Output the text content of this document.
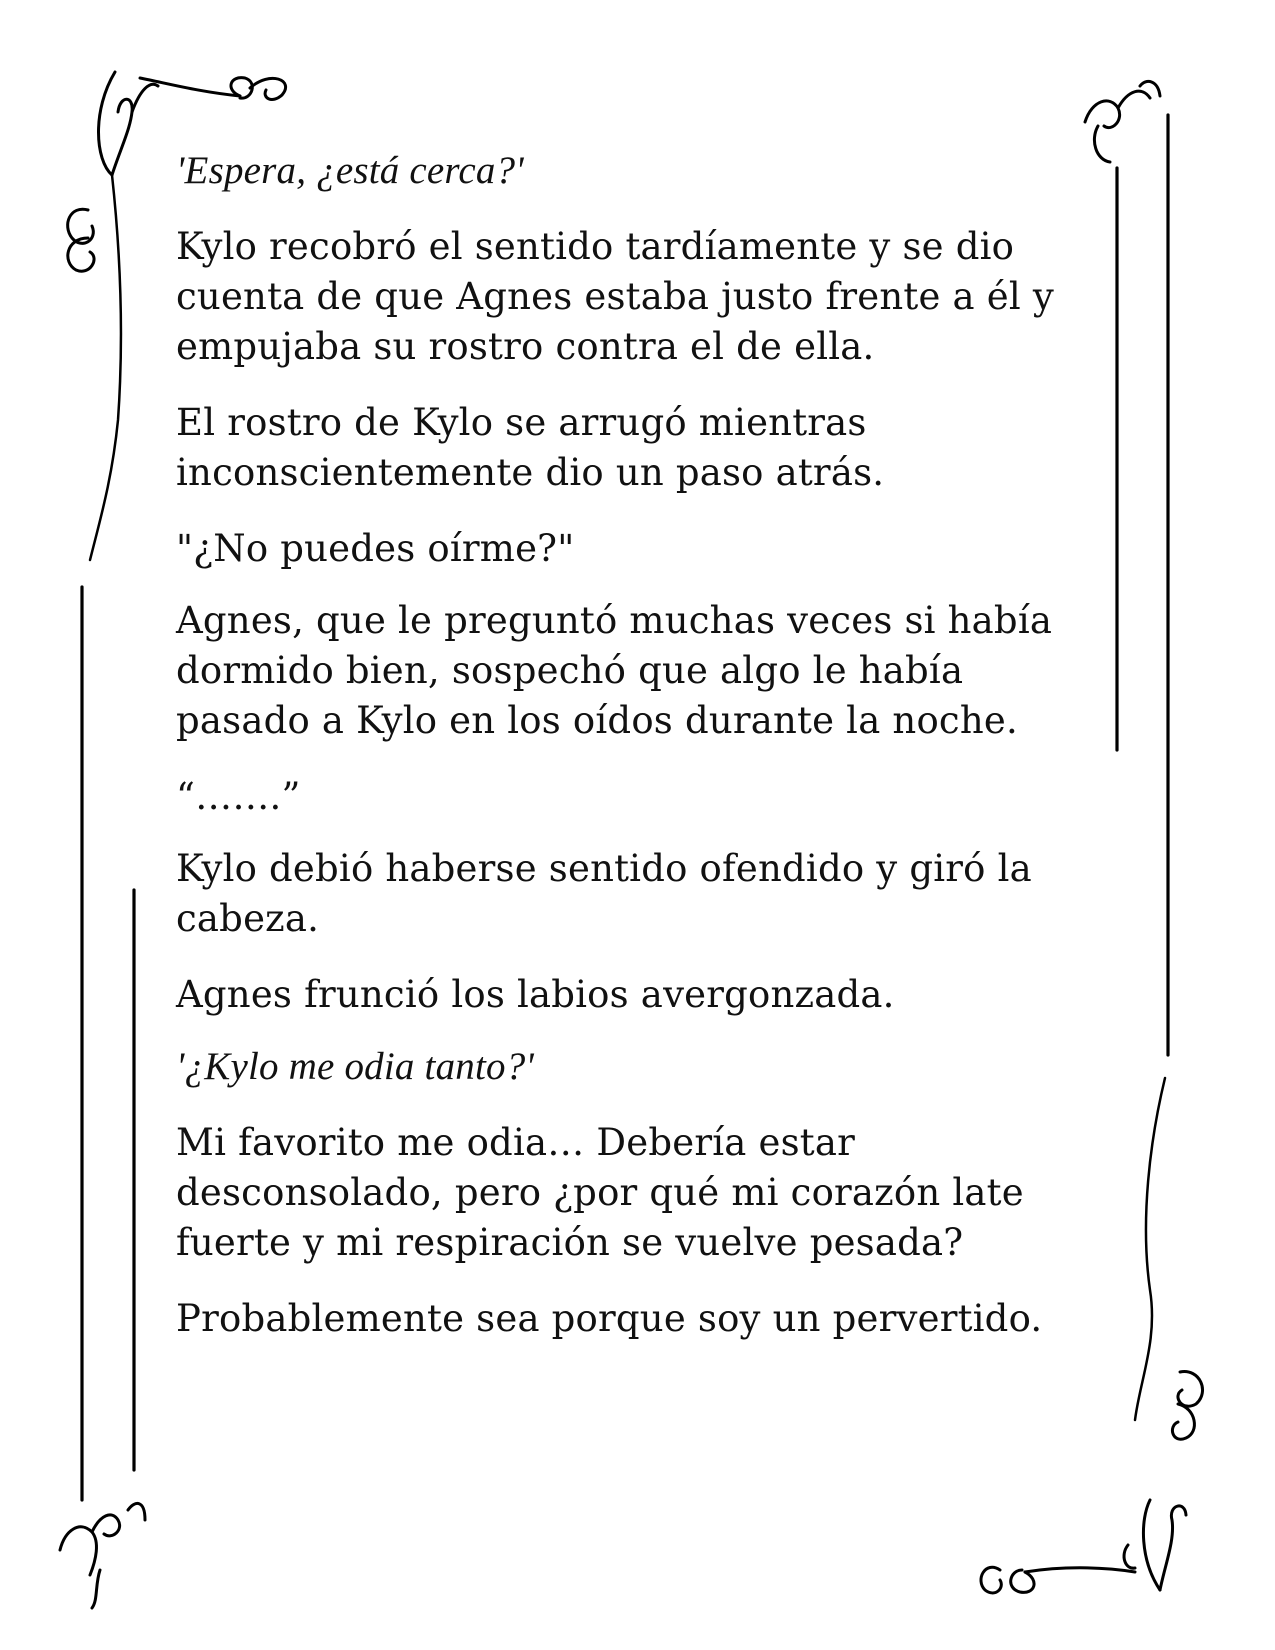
'Espera, ¿está cerca?'

Kylo recobró el sentido tardíamente y se dio cuenta de que Agnes estaba justo frente a él y empujaba su rostro contra el de ella.

El rostro de Kylo se arrugó mientras inconscientemente dio un paso atrás.

"¿No puedes oírme?"

Agnes, que le preguntó muchas veces si había dormido bien, sospechó que algo le había pasado a Kylo en los oídos durante la noche.

“…….”

Kylo debió haberse sentido ofendido y giró la cabeza.

Agnes frunció los labios avergonzada.

'¿Kylo me odia tanto?'

Mi favorito me odia… Debería estar desconsolado, pero ¿por qué mi corazón late fuerte y mi respiración se vuelve pesada?

Probablemente sea porque soy un pervertido.
